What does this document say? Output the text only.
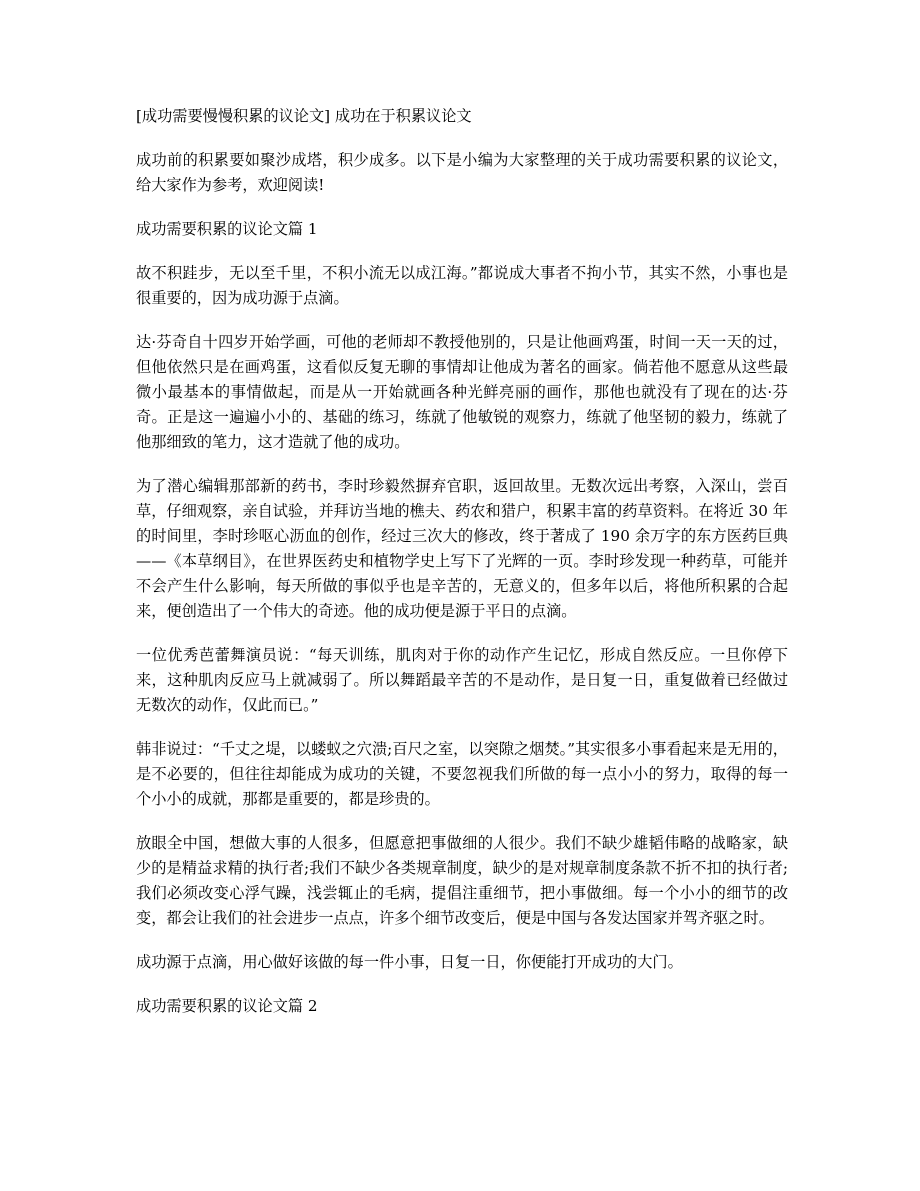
[成功需要慢慢积累的议论文] 成功在于积累议论文

成功前的积累要如聚沙成塔，积少成多。以下是小编为大家整理的关于成功需要积累的议论文，给大家作为参考，欢迎阅读!

成功需要积累的议论文篇 1

故不积跬步，无以至千里，不积小流无以成江海。”都说成大事者不拘小节，其实不然，小事也是很重要的，因为成功源于点滴。

达·芬奇自十四岁开始学画，可他的老师却不教授他别的，只是让他画鸡蛋，时间一天一天的过，但他依然只是在画鸡蛋，这看似反复无聊的事情却让他成为著名的画家。倘若他不愿意从这些最微小最基本的事情做起，而是从一开始就画各种光鲜亮丽的画作，那他也就没有了现在的达·芬奇。正是这一遍遍小小的、基础的练习，练就了他敏锐的观察力，练就了他坚韧的毅力，练就了他那细致的笔力，这才造就了他的成功。

为了潜心编辑那部新的药书，李时珍毅然摒弃官职，返回故里。无数次远出考察，入深山，尝百草，仔细观察，亲自试验，并拜访当地的樵夫、药农和猎户，积累丰富的药草资料。在将近 30 年的时间里，李时珍呕心沥血的创作，经过三次大的修改，终于著成了 190 余万字的东方医药巨典——《本草纲目》，在世界医药史和植物学史上写下了光辉的一页。李时珍发现一种药草，可能并不会产生什么影响，每天所做的事似乎也是辛苦的，无意义的，但多年以后，将他所积累的合起来，便创造出了一个伟大的奇迹。他的成功便是源于平日的点滴。

一位优秀芭蕾舞演员说：“每天训练，肌肉对于你的动作产生记忆，形成自然反应。一旦你停下来，这种肌肉反应马上就减弱了。所以舞蹈最辛苦的不是动作，是日复一日，重复做着已经做过无数次的动作，仅此而已。”

韩非说过：“千丈之堤，以蝼蚁之穴溃;百尺之室，以突隙之烟焚。”其实很多小事看起来是无用的，是不必要的，但往往却能成为成功的关键，不要忽视我们所做的每一点小小的努力，取得的每一个小小的成就，那都是重要的，都是珍贵的。

放眼全中国，想做大事的人很多，但愿意把事做细的人很少。我们不缺少雄韬伟略的战略家，缺少的是精益求精的执行者;我们不缺少各类规章制度，缺少的是对规章制度条款不折不扣的执行者;我们必须改变心浮气躁，浅尝辄止的毛病，提倡注重细节，把小事做细。每一个小小的细节的改变，都会让我们的社会进步一点点，许多个细节改变后，便是中国与各发达国家并驾齐驱之时。

成功源于点滴，用心做好该做的每一件小事，日复一日，你便能打开成功的大门。

成功需要积累的议论文篇 2
